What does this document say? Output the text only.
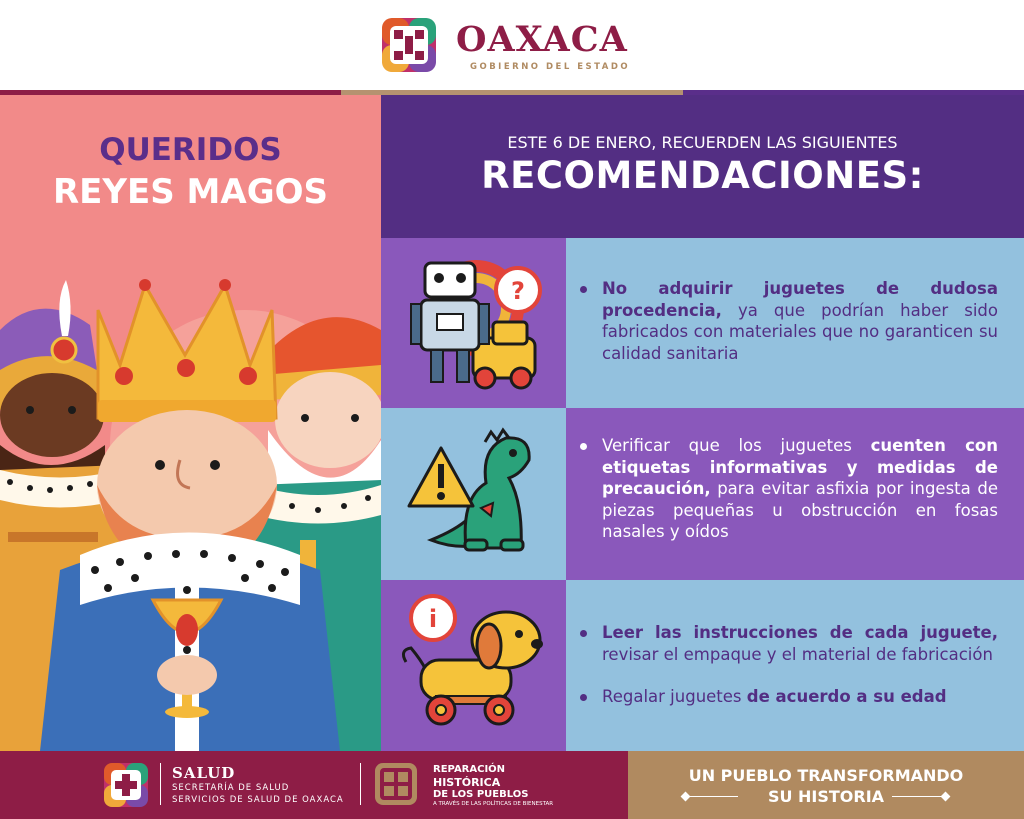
OAXACA
GOBIERNO DEL ESTADO
QUERIDOS
REYES MAGOS
ESTE 6 DE ENERO, RECUERDEN LAS SIGUIENTES
RECOMENDACIONES:
?	No adquirir juguetes de dudosa procedencia, ya que podrían haber sido fabricados con materiales que no garanticen su calidad sanitaria
Verificar que los juguetes cuenten con etiquetas informativas y medidas de precaución, para evitar asfixia por ingesta de piezas pequeñas u obstrucción en fosas nasales y oídos
i	Leer las instrucciones de cada juguete, revisar el empaque y el material de fabricación
Regalar juguetes de acuerdo a su edad
SALUD
SECRETARÍA DE SALUD
SERVICIOS DE SALUD DE OAXACA
REPARACIÓN
HISTÓRICA
DE LOS PUEBLOS
A TRAVÉS DE LAS POLÍTICAS DE BIENESTAR
UN PUEBLO TRANSFORMANDO
SU HISTORIA
